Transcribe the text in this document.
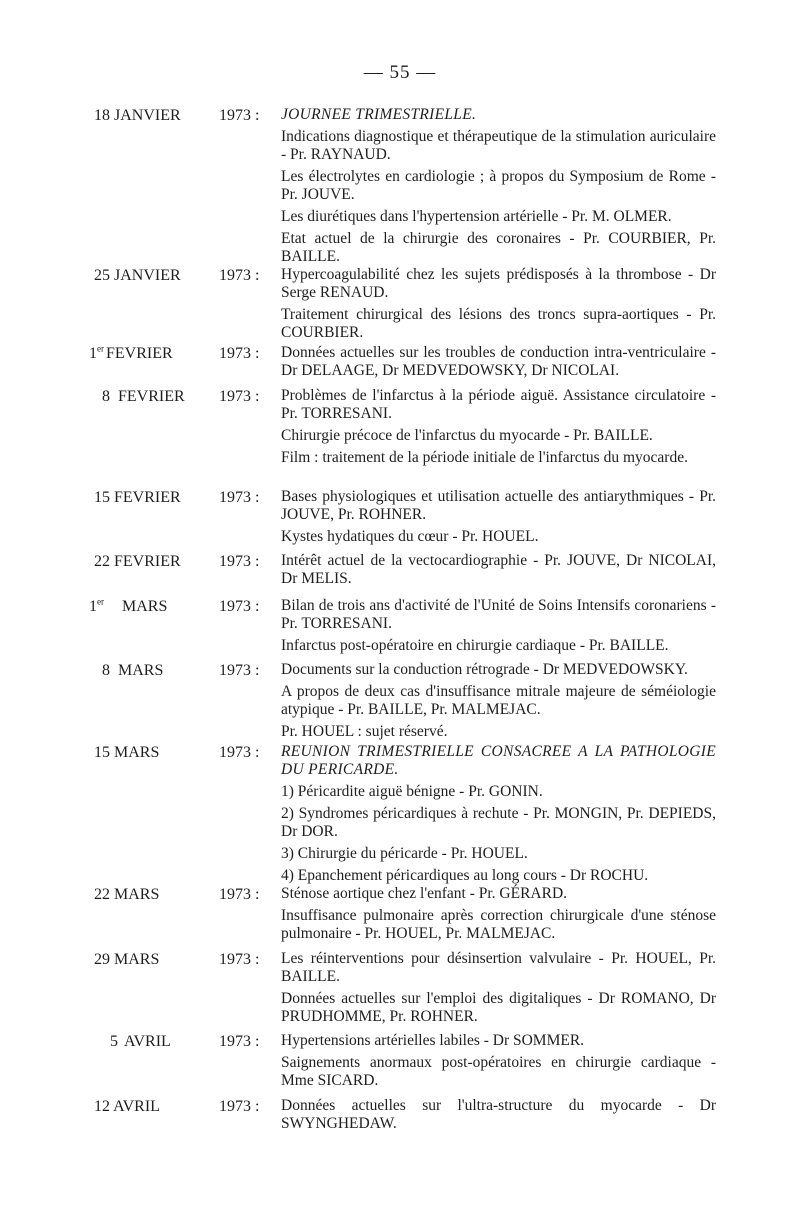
— 55 —
18 JANVIER 1973 : JOURNEE TRIMESTRIELLE.
Indications diagnostique et thérapeutique de la stimulation auriculaire - Pr. RAYNAUD.
Les électrolytes en cardiologie ; à propos du Symposium de Rome - Pr. JOUVE.
Les diurétiques dans l'hypertension artérielle - Pr. M. OLMER.
Etat actuel de la chirurgie des coronaires - Pr. COURBIER, Pr. BAILLE.
25 JANVIER 1973 : Hypercoagulabilité chez les sujets prédisposés à la thrombose - Dr Serge RENAUD.
Traitement chirurgical des lésions des troncs supra-aortiques - Pr. COURBIER.
1er FEVRIER	1973 : Données actuelles sur les troubles de conduction intra-ventriculaire - Dr DELAAGE, Dr MEDVEDOWSKY, Dr NICOLAI.
8 FEVRIER 1973 : Problèmes de l'infarctus à la période aiguë. Assistance circulatoire - Pr. TORRESANI.
Chirurgie précoce de l'infarctus du myocarde - Pr. BAILLE.
Film : traitement de la période initiale de l'infarctus du myocarde.
15 FEVRIER 1973 : Bases physiologiques et utilisation actuelle des antiarythmiques - Pr. JOUVE, Pr. ROHNER.
Kystes hydatiques du cœur - Pr. HOUEL.
22 FEVRIER 1973 : Intérêt actuel de la vectocardiographie - Pr. JOUVE, Dr NICOLAI, Dr MELIS.
1er MARS	1973 : Bilan de trois ans d'activité de l'Unité de Soins Intensifs coronariens - Pr. TORRESANI.
Infarctus post-opératoire en chirurgie cardiaque - Pr. BAILLE.
8 MARS	1973 : Documents sur la conduction rétrograde - Dr MEDVEDOWSKY.
A propos de deux cas d'insuffisance mitrale majeure de séméiologie atypique - Pr. BAILLE, Pr. MALMEJAC.
Pr. HOUEL : sujet réservé.
15 MARS	1973 : REUNION TRIMESTRIELLE CONSACREE A LA PATHOLOGIE DU PERICARDE.
1) Péricardite aiguë bénigne - Pr. GONIN.
2) Syndromes péricardiques à rechute - Pr. MONGIN, Pr. DEPIEDS, Dr DOR.
3) Chirurgie du péricarde - Pr. HOUEL.
4) Epanchement péricardiques au long cours - Dr ROCHU.
22 MARS	1973 : Sténose aortique chez l'enfant - Pr. GÉRARD.
Insuffisance pulmonaire après correction chirurgicale d'une sténose pulmonaire - Pr. HOUEL, Pr. MALMEJAC.
29 MARS	1973 : Les réinterventions pour désinsertion valvulaire - Pr. HOUEL, Pr. BAILLE.
Données actuelles sur l'emploi des digitaliques - Dr ROMANO, Dr PRUDHOMME, Pr. ROHNER.
5 AVRIL	1973 : Hypertensions artérielles labiles - Dr SOMMER.
Saignements anormaux post-opératoires en chirurgie cardiaque - Mme SICARD.
12 AVRIL	1973 : Données actuelles sur l'ultra-structure du myocarde - Dr SWYNGHEDAW.
